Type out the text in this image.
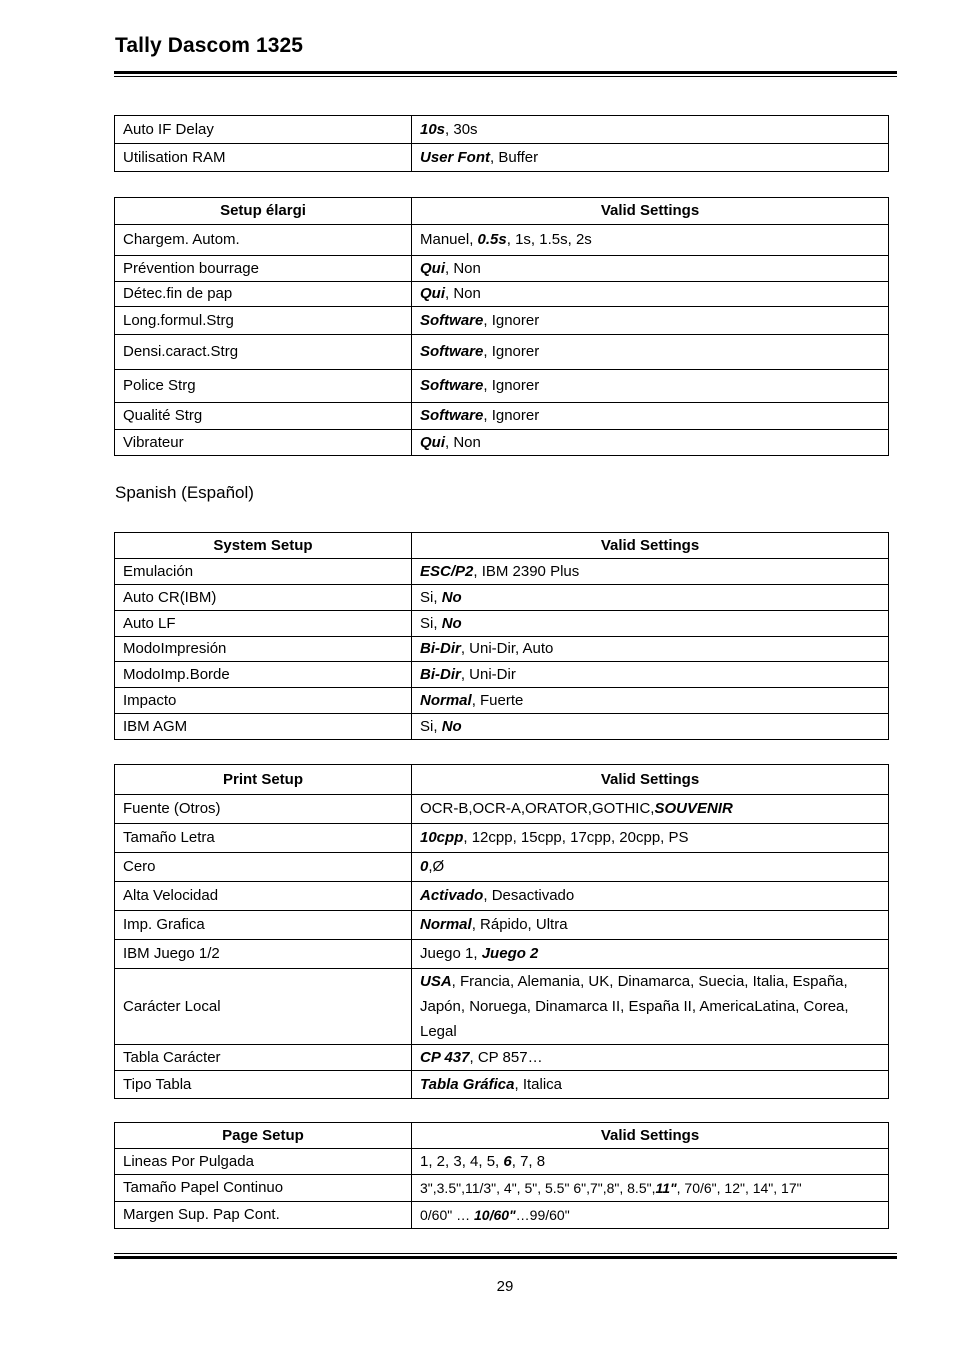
Tally Dascom 1325
Auto IF Delay	10s, 30s
Utilisation RAM	User Font, Buffer
Setup élargi	Valid Settings
Chargem. Autom.	Manuel, 0.5s, 1s, 1.5s, 2s
Prévention bourrage	Qui, Non
Détec.fin de pap	Qui, Non
Long.formul.Strg	Software, Ignorer
Densi.caract.Strg	Software, Ignorer
Police Strg	Software, Ignorer
Qualité Strg	Software, Ignorer
Vibrateur	Qui, Non
Spanish (Español)
System Setup	Valid Settings
Emulación	ESC/P2, IBM 2390 Plus
Auto CR(IBM)	Si, No
Auto LF	Si, No
ModoImpresión	Bi-Dir, Uni-Dir, Auto
ModoImp.Borde	Bi-Dir, Uni-Dir
Impacto	Normal, Fuerte
IBM AGM	Si, No
Print Setup	Valid Settings
Fuente (Otros)	OCR-B,OCR-A,ORATOR,GOTHIC,SOUVENIR
Tamaño Letra	10cpp, 12cpp, 15cpp, 17cpp, 20cpp, PS
Cero	0,Ø
Alta Velocidad	Activado, Desactivado
Imp. Grafica	Normal, Rápido, Ultra
IBM Juego 1/2	Juego 1, Juego 2
Carácter Local	USA, Francia, Alemania, UK, Dinamarca, Suecia, Italia, España, Japón, Noruega, Dinamarca II, España II, AmericaLatina, Corea, Legal

Tabla Carácter	CP 437, CP 857…
Tipo Tabla	Tabla Gráfica, Italica
Page Setup	Valid Settings
Lineas Por Pulgada	1, 2, 3, 4, 5, 6, 7, 8
Tamaño Papel Continuo	3",3.5",11/3", 4", 5", 5.5" 6",7",8", 8.5",11", 70/6", 12", 14", 17"
Margen Sup. Pap Cont.	0/60" … 10/60"…99/60"
29
